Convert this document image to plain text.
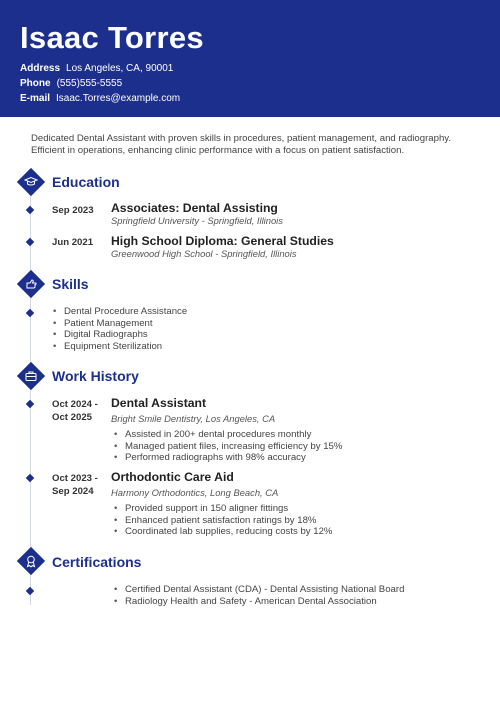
Isaac Torres
Address Los Angeles, CA, 90001
Phone (555)555-5555
E-mail Isaac.Torres@example.com
Dedicated Dental Assistant with proven skills in procedures, patient management, and radiography. Efficient in operations, enhancing clinic performance with a focus on patient satisfaction.
Education
Sep 2023 Associates: Dental Assisting
Springfield University - Springfield, Illinois
Jun 2021 High School Diploma: General Studies
Greenwood High School - Springfield, Illinois
Skills
• Dental Procedure Assistance
• Patient Management
• Digital Radiographs
• Equipment Sterilization
Work History
Oct 2024 -
Oct 2025
Dental Assistant
Bright Smile Dentistry, Los Angeles, CA
• Assisted in 200+ dental procedures monthly
• Managed patient files, increasing efficiency by 15%
• Performed radiographs with 98% accuracy
Oct 2023 -
Sep 2024
Orthodontic Care Aid
Harmony Orthodontics, Long Beach, CA
• Provided support in 150 aligner fittings
• Enhanced patient satisfaction ratings by 18%
• Coordinated lab supplies, reducing costs by 12%
Certifications
• Certified Dental Assistant (CDA) - Dental Assisting National Board
• Radiology Health and Safety - American Dental Association
